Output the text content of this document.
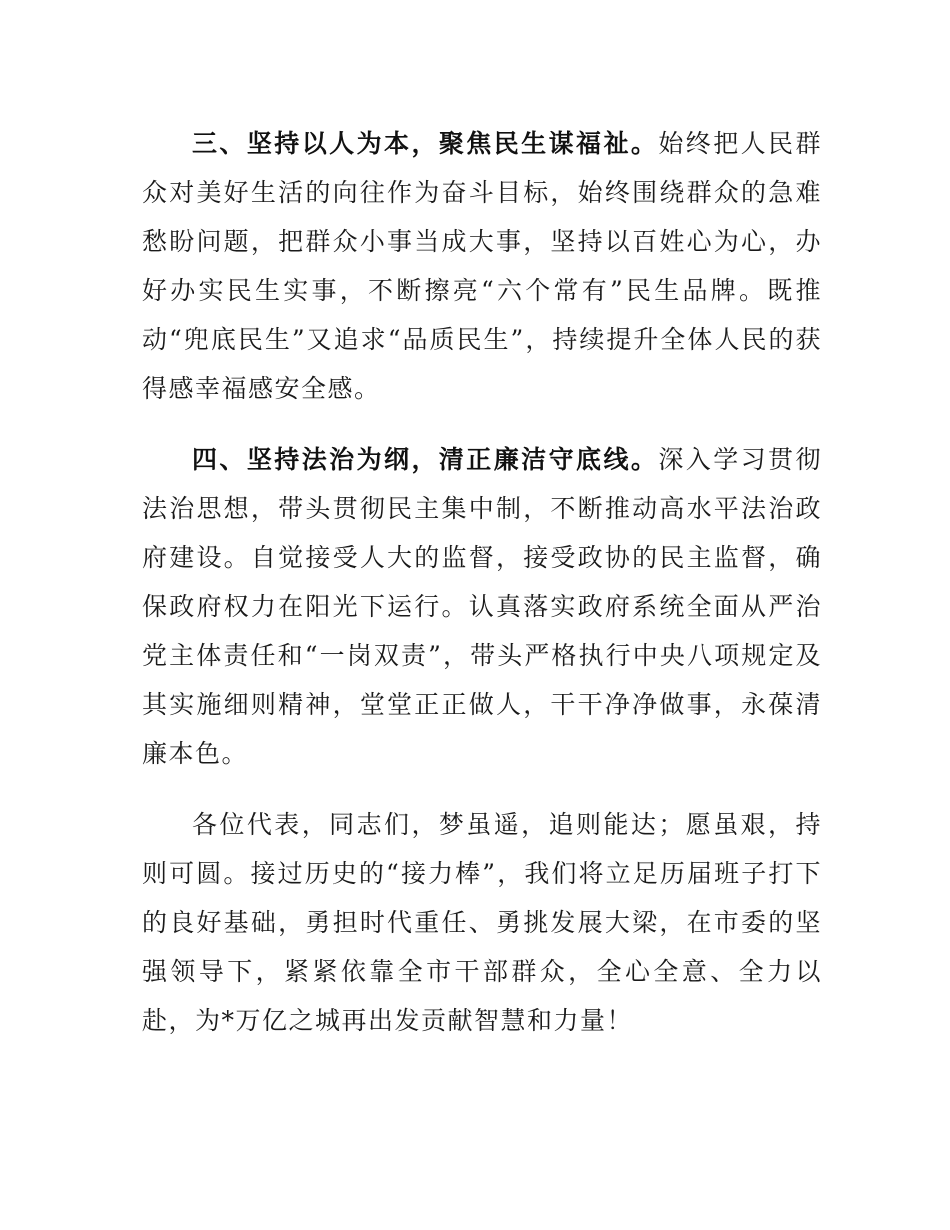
三、坚持以人为本，聚焦民生谋福祉。始终把人民群众对美好生活的向往作为奋斗目标，始终围绕群众的急难愁盼问题，把群众小事当成大事，坚持以百姓心为心，办好办实民生实事，不断擦亮“六个常有”民生品牌。既推动“兜底民生”又追求“品质民生”，持续提升全体人民的获得感幸福感安全感。

四、坚持法治为纲，清正廉洁守底线。深入学习贯彻法治思想，带头贯彻民主集中制，不断推动高水平法治政府建设。自觉接受人大的监督，接受政协的民主监督，确保政府权力在阳光下运行。认真落实政府系统全面从严治党主体责任和“一岗双责”，带头严格执行中央八项规定及其实施细则精神，堂堂正正做人，干干净净做事，永葆清廉本色。

各位代表，同志们，梦虽遥，追则能达；愿虽艰，持则可圆。接过历史的“接力棒”，我们将立足历届班子打下的良好基础，勇担时代重任、勇挑发展大梁，在市委的坚强领导下，紧紧依靠全市干部群众，全心全意、全力以赴，为*万亿之城再出发贡献智慧和力量！
